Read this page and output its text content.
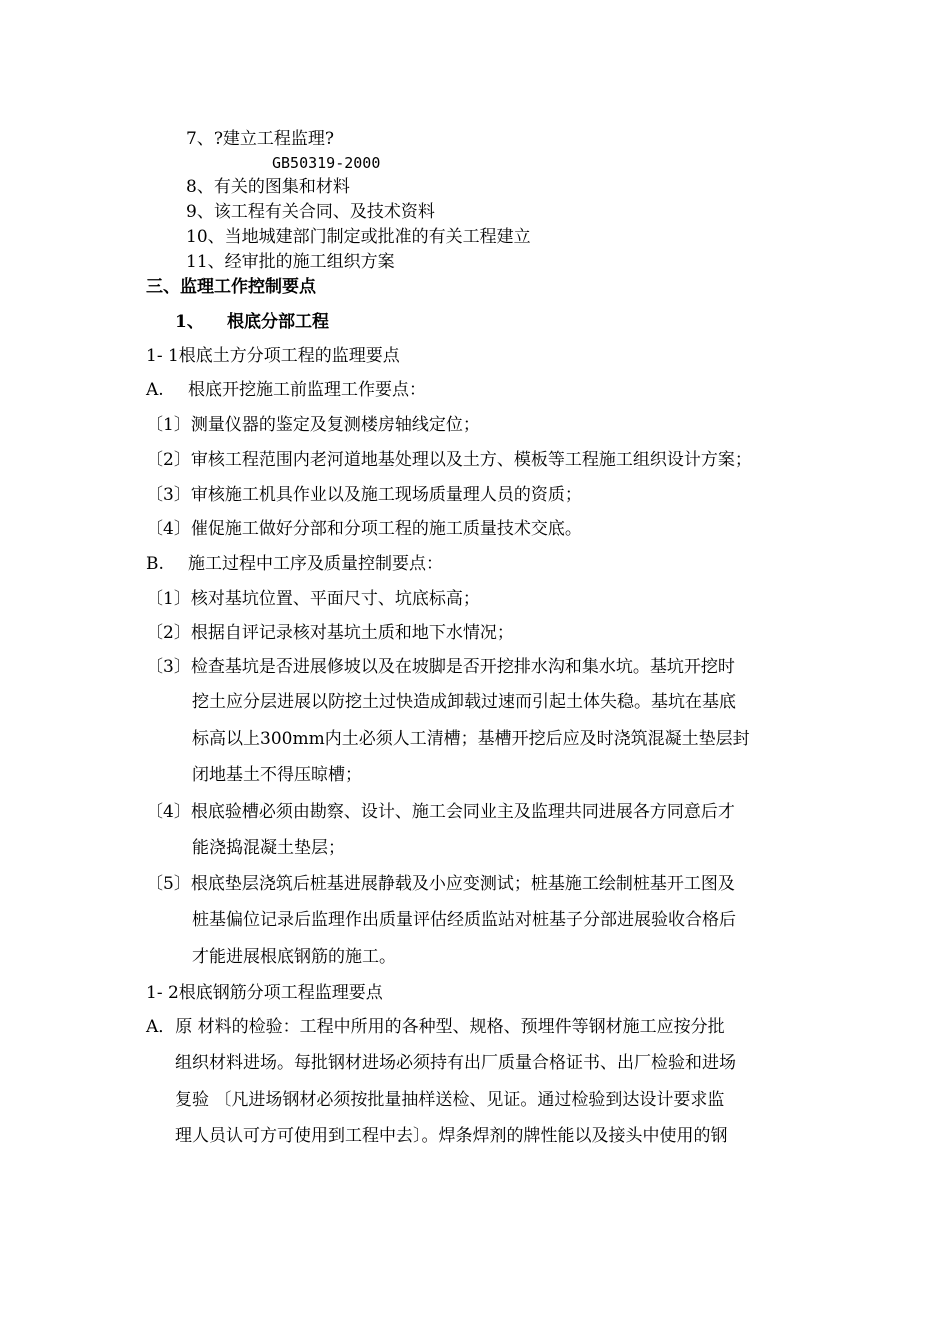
7、?建立工程监理?
GB50319-2000
8、有关的图集和材料
9、该工程有关合同、及技术资料
10、当地城建部门制定或批准的有关工程建立
11、经审批的施工组织方案
三、监理工作控制要点
1、 根底分部工程
1- 1根底土方分项工程的监理要点
A. 根底开挖施工前监理工作要点：
〔1〕测量仪器的鉴定及复测楼房轴线定位；
〔2〕审核工程范围内老河道地基处理以及土方、模板等工程施工组织设计方案；
〔3〕审核施工机具作业以及施工现场质量理人员的资质；
〔4〕催促施工做好分部和分项工程的施工质量技术交底。
B. 施工过程中工序及质量控制要点：
〔1〕核对基坑位置、平面尺寸、坑底标高；
〔2〕根据自评记录核对基坑土质和地下水情况；
〔3〕检查基坑是否进展修坡以及在坡脚是否开挖排水沟和集水坑。基坑开挖时
挖土应分层进展以防挖土过快造成卸载过速而引起土体失稳。基坑在基底
标高以上300mm内土必须人工清槽；基槽开挖后应及时浇筑混凝土垫层封
闭地基土不得压晾槽；
〔4〕根底验槽必须由勘察、设计、施工会同业主及监理共同进展各方同意后才
能浇捣混凝土垫层；
〔5〕根底垫层浇筑后桩基进展静载及小应变测试；桩基施工绘制桩基开工图及
桩基偏位记录后监理作出质量评估经质监站对桩基子分部进展验收合格后
才能进展根底钢筋的施工。
1- 2根底钢筋分项工程监理要点
A．原 材料的检验：工程中所用的各种型、规格、预埋件等钢材施工应按分批
组织材料进场。每批钢材进场必须持有出厂质量合格证书、出厂检验和进场
复验 〔凡进场钢材必须按批量抽样送检、见证。通过检验到达设计要求监
理人员认可方可使用到工程中去〕。焊条焊剂的牌性能以及接头中使用的钢
